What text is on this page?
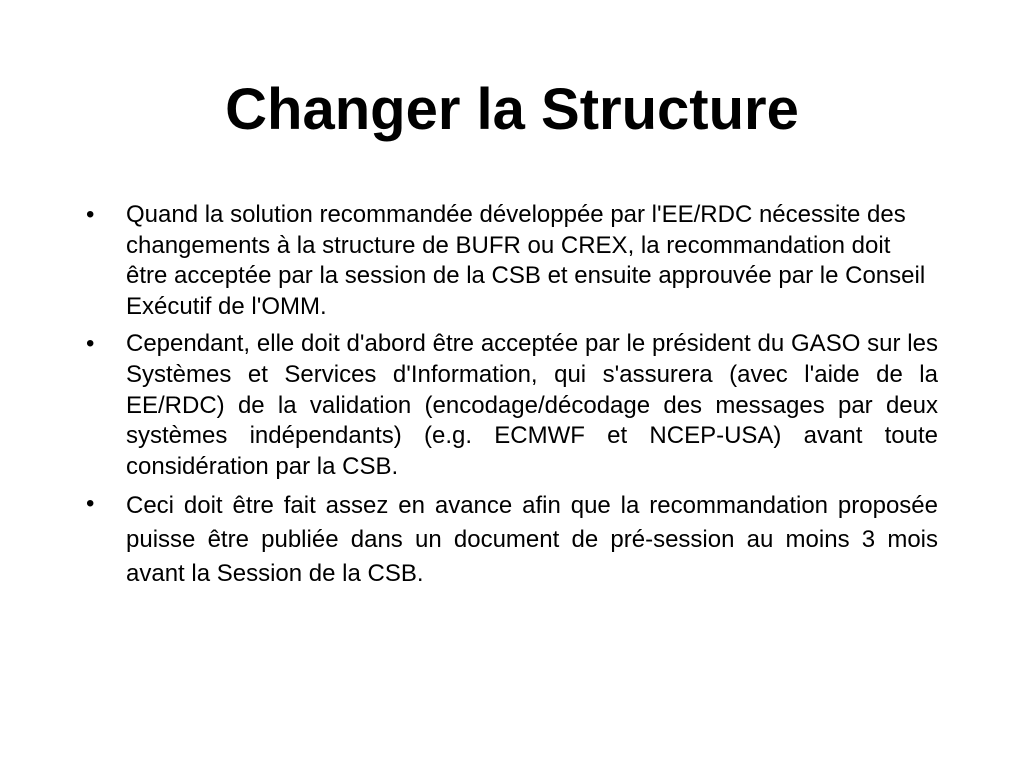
Changer la Structure
•	Quand la solution recommandée développée par l'EE/RDC nécessite des changements à la structure de BUFR ou CREX, la recommandation doit être acceptée par la session de la CSB et ensuite approuvée par le Conseil Exécutif de l'OMM.
•	Cependant, elle doit d'abord être acceptée par le président du GASO sur les Systèmes et Services d'Information, qui s'assurera (avec l'aide de la EE/RDC) de la validation (encodage/décodage des messages par deux systèmes indépendants) (e.g. ECMWF et NCEP-USA) avant toute considération par la CSB.
•	Ceci doit être fait assez en avance afin que la recommandation proposée puisse être publiée dans un document de pré-session au moins 3 mois avant la Session de la CSB.
